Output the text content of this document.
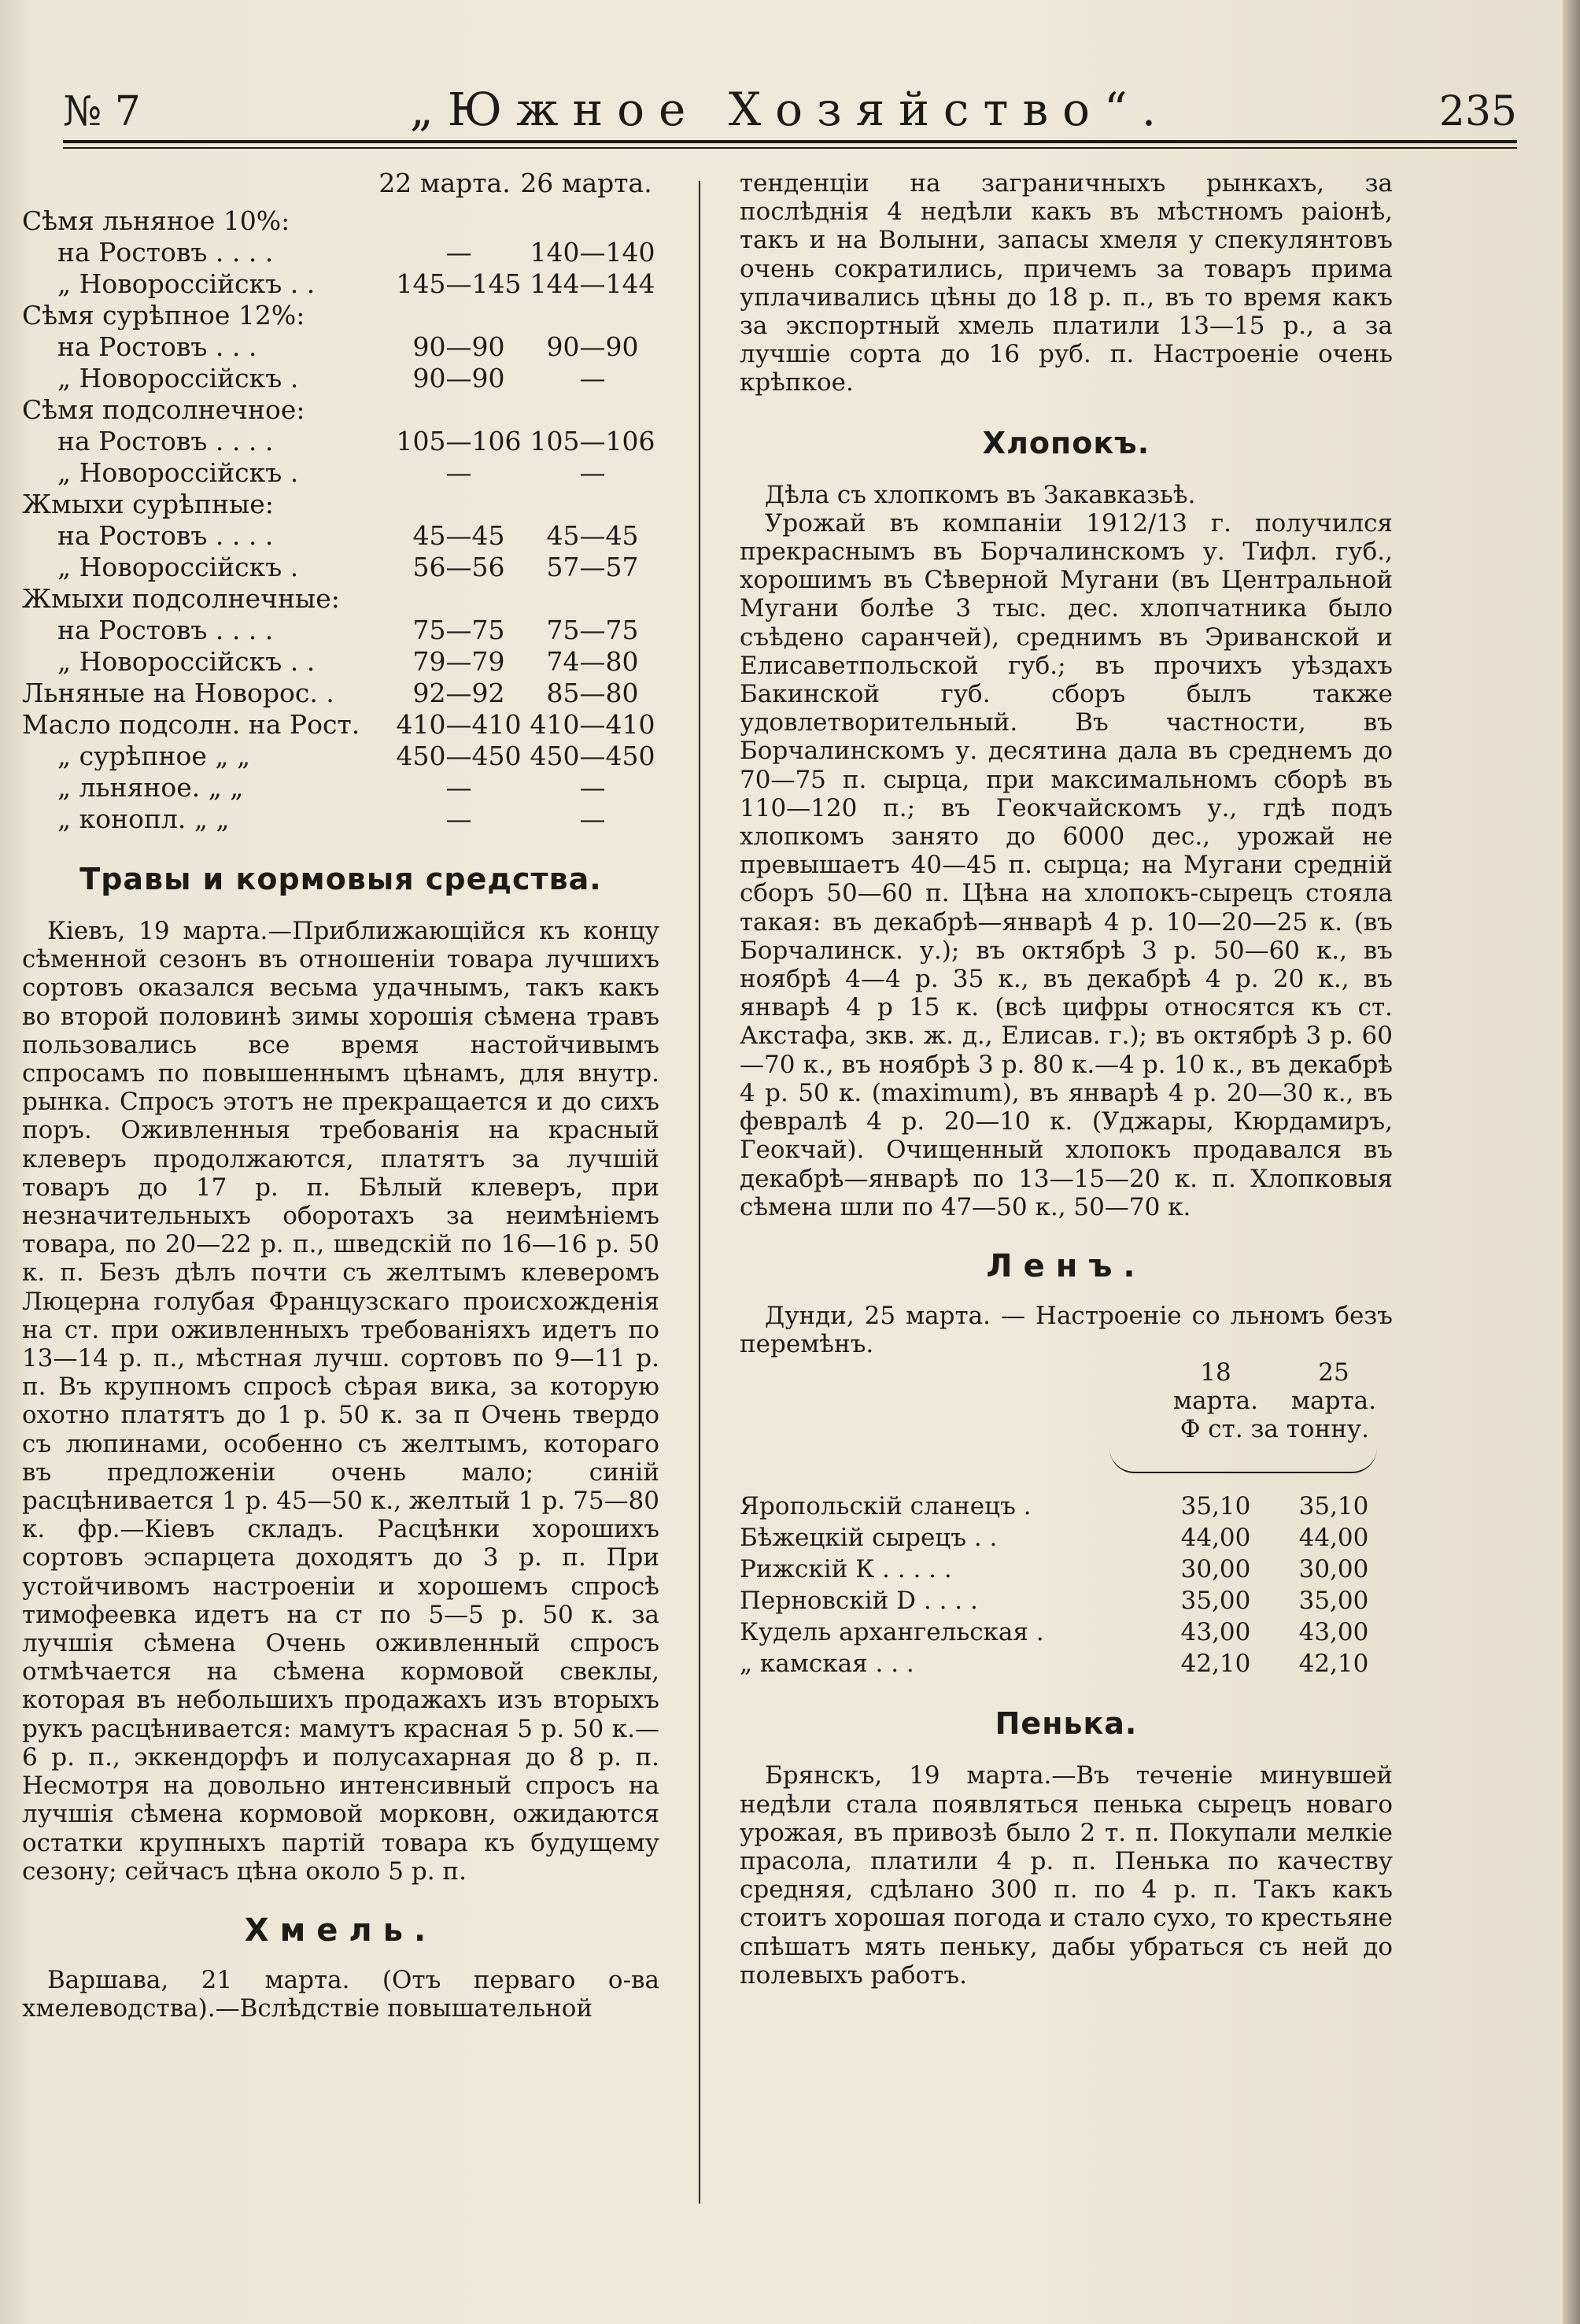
№ 7	„Южное Хозяйство“.	235
22 марта. 26 марта.
Сѣмя льняное 10%:
на Ростовъ . . . .	—	140—140
„ Новороссійскъ . .	145—145 144—144
Сѣмя сурѣпное 12%:
на Ростовъ . . .	90—90	90—90
„ Новороссійскъ .	90—90	—
Сѣмя подсолнечное:
на Ростовъ . . . .	105—106 105—106
„ Новороссійскъ .	—	—
Жмыхи сурѣпные:
на Ростовъ . . . .	45—45	45—45
„ Новороссійскъ .	56—56	57—57
Жмыхи подсолнечные:
на Ростовъ . . . .	75—75	75—75
„ Новороссійскъ . .	79—79	74—80
Льняные на Новорос. .	92—92	85—80
Масло подсолн. на Рост.	410—410 410—410
„ сурѣпное „ „	450—450 450—450
„ льняное. „ „	—	—
„ конопл. „ „	—	—
Травы и кормовыя средства.

Кіевъ, 19 марта.—Приближающійся къ концу сѣменной сезонъ въ отношеніи товара лучшихъ сортовъ оказался весьма удачнымъ, такъ какъ во второй половинѣ зимы хорошія сѣмена травъ пользовались все время настойчивымъ спросамъ по повышеннымъ цѣнамъ, для внутр. рынка. Спросъ этотъ не прекращается и до сихъ поръ. Оживленныя требованія на красный клеверъ продолжаются, платятъ за лучшій товаръ до 17 р. п. Бѣлый клеверъ, при незначительныхъ оборотахъ за неимѣніемъ товара, по 20—22 р. п., шведскій по 16—16 р. 50 к. п. Безъ дѣлъ почти съ желтымъ клеверомъ Люцерна голубая Французскаго происхожденія на ст. при оживленныхъ требованіяхъ идетъ по 13—14 р. п., мѣстная лучш. сортовъ по 9—11 р. п. Въ крупномъ спросѣ сѣрая вика, за которую охотно платятъ до 1 р. 50 к. за п Очень твердо съ люпинами, особенно съ желтымъ, котораго въ предложеніи очень мало; синій расцѣнивается 1 р. 45—50 к., желтый 1 р. 75—80 к. фр.—Кіевъ складъ. Расцѣнки хорошихъ сортовъ эспарцета доходятъ до 3 р. п. При устойчивомъ настроеніи и хорошемъ спросѣ тимофеевка идетъ на ст по 5—5 р. 50 к. за лучшія сѣмена Очень оживленный спросъ отмѣчается на сѣмена кормовой свеклы, которая въ небольшихъ продажахъ изъ вторыхъ рукъ расцѣнивается: мамутъ красная 5 р. 50 к.—6 р. п., эккендорфъ и полусахарная до 8 р. п. Несмотря на довольно интенсивный спросъ на лучшія сѣмена кормовой морковн, ожидаются остатки крупныхъ партій товара къ будущему сезону; сейчасъ цѣна около 5 р. п.

Хмель.

Варшава, 21 марта. (Отъ перваго о-ва хмелеводства).—Вслѣдствіе повышательной

тенденціи на заграничныхъ рынкахъ, за послѣднія 4 недѣли какъ въ мѣстномъ раіонѣ, такъ и на Волыни, запасы хмеля у спекулянтовъ очень сократились, причемъ за товаръ прима уплачивались цѣны до 18 р. п., въ то время какъ за экспортный хмель платили 13—15 р., а за лучшіе сорта до 16 руб. п. Настроеніе очень крѣпкое.

Хлопокъ.

Дѣла съ хлопкомъ въ Закавказьѣ.

Урожай въ компаніи 1912/13 г. получился прекраснымъ въ Борчалинскомъ у. Тифл. губ., хорошимъ въ Сѣверной Мугани (въ Центральной Мугани болѣе 3 тыс. дес. хлопчатника было съѣдено саранчей), среднимъ въ Эриванской и Елисаветпольской губ.; въ прочихъ уѣздахъ Бакинской губ. сборъ былъ также удовлетворительный. Въ частности, въ Борчалинскомъ у. десятина дала въ среднемъ до 70—75 п. сырца, при максимальномъ сборѣ въ 110—120 п.; въ Геокчайскомъ у., гдѣ подъ хлопкомъ занято до 6000 дес., урожай не превышаетъ 40—45 п. сырца; на Мугани средній сборъ 50—60 п. Цѣна на хлопокъ-сырецъ стояла такая: въ декабрѣ—январѣ 4 р. 10—20—25 к. (въ Борчалинск. у.); въ октябрѣ 3 р. 50—60 к., въ ноябрѣ 4—4 р. 35 к., въ декабрѣ 4 р. 20 к., въ январѣ 4 р 15 к. (всѣ цифры относятся къ ст. Акстафа, зкв. ж. д., Елисав. г.); въ октябрѣ 3 р. 60—70 к., въ ноябрѣ 3 р. 80 к.—4 р. 10 к., въ декабрѣ 4 р. 50 к. (maximum), въ январѣ 4 р. 20—30 к., въ февралѣ 4 р. 20—10 к. (Уджары, Кюрдамиръ, Геокчай). Очищенный хлопокъ продавался въ декабрѣ—январѣ по 13—15—20 к. п. Хлопковыя сѣмена шли по 47—50 к., 50—70 к.

Ленъ.

Дунди, 25 марта. — Настроеніе со льномъ безъ перемѣнъ.

18 марта.
25 марта.
Ф ст. за тонну.
Яропольскій сланецъ .	35,10	35,10
Бѣжецкій сырецъ . .	44,00	44,00
Рижскій К . . . . .	30,00	30,00
Перновскій D . . . .	35,00	35,00
Кудель архангельская .	43,00	43,00
„ камская . . .	42,10	42,10
Пенька.

Брянскъ, 19 марта.—Въ теченіе минувшей недѣли стала появляться пенька сырецъ новаго урожая, въ привозѣ было 2 т. п. Покупали мелкіе прасола, платили 4 р. п. Пенька по качеству средняя, сдѣлано 300 п. по 4 р. п. Такъ какъ стоитъ хорошая погода и стало сухо, то крестьяне спѣшатъ мять пеньку, дабы убраться съ ней до полевыхъ работъ.
